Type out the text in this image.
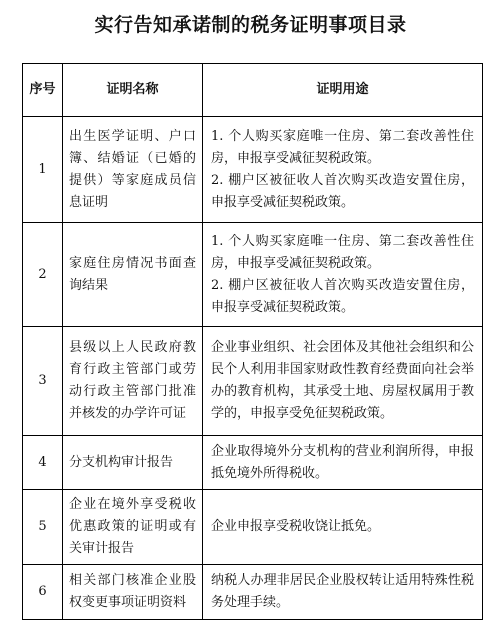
实行告知承诺制的税务证明事项目录
序号	证明名称	证明用途
1	出生医学证明、户口簿、结婚证（已婚的提供）等家庭成员信息证明	1. 个人购买家庭唯一住房、第二套改善性住房，申报享受减征契税政策。

2. 棚户区被征收人首次购买改造安置住房，申报享受减征契税政策。

2	家庭住房情况书面查询结果	1. 个人购买家庭唯一住房、第二套改善性住房，申报享受减征契税政策。

2. 棚户区被征收人首次购买改造安置住房，申报享受减征契税政策。

3	县级以上人民政府教育行政主管部门或劳动行政主管部门批准并核发的办学许可证	企业事业组织、社会团体及其他社会组织和公民个人利用非国家财政性教育经费面向社会举办的教育机构，其承受土地、房屋权属用于教学的，申报享受免征契税政策。

4	分支机构审计报告	企业取得境外分支机构的营业利润所得，申报抵免境外所得税收。

5	企业在境外享受税收优惠政策的证明或有关审计报告	企业申报享受税收饶让抵免。

6	相关部门核准企业股权变更事项证明资料	纳税人办理非居民企业股权转让适用特殊性税务处理手续。
